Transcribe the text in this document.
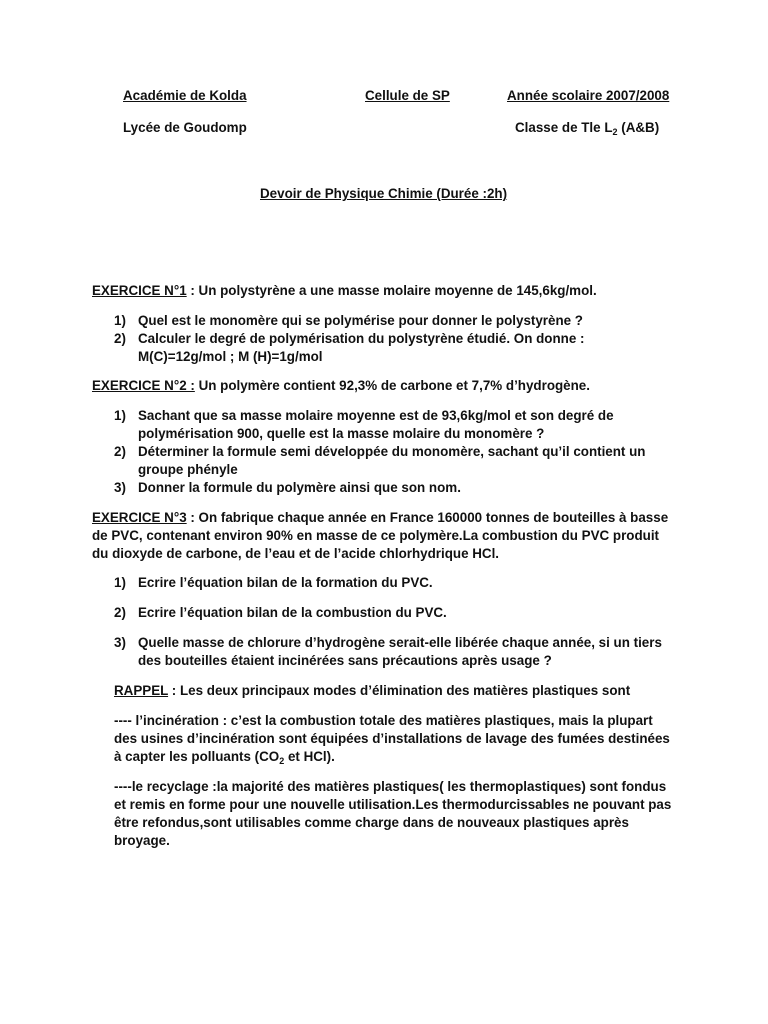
Académie de Kolda	Cellule de SP	Année scolaire 2007/2008
Lycée de Goudomp	Classe de Tle $L_2$ (A&B)
Devoir de Physique Chimie (Durée :2h)
EXERCICE N°1 : Un polystyrène a une masse molaire moyenne de 145,6kg/mol.
1) Quel est le monomère qui se polymérise pour donner le polystyrène ?
2) Calculer le degré de polymérisation du polystyrène étudié. On donne :
M(C)=12g/mol ; M (H)=1g/mol
EXERCICE N°2 : Un polymère contient 92,3% de carbone et 7,7% d’hydrogène.
1) Sachant que sa masse molaire moyenne est de 93,6kg/mol et son degré de
polymérisation 900, quelle est la masse molaire du monomère ?
2) Déterminer la formule semi développée du monomère, sachant qu’il contient un
groupe phényle
3) Donner la formule du polymère ainsi que son nom.
EXERCICE N°3 : On fabrique chaque année en France 160000 tonnes de bouteilles à basse
de PVC, contenant environ 90% en masse de ce polymère.La combustion du PVC produit
du dioxyde de carbone, de l’eau et de l’acide chlorhydrique HCl.
1) Ecrire l’équation bilan de la formation du PVC.
2) Ecrire l’équation bilan de la combustion du PVC.
3) Quelle masse de chlorure d’hydrogène serait-elle libérée chaque année, si un tiers
des bouteilles étaient incinérées sans précautions après usage ?
RAPPEL : Les deux principaux modes d’élimination des matières plastiques sont
---- l’incinération : c’est la combustion totale des matières plastiques, mais la plupart
des usines d’incinération sont équipées d’installations de lavage des fumées destinées
à capter les polluants ($CO_2$ et HCl).
----le recyclage :la majorité des matières plastiques( les thermoplastiques) sont fondus
et remis en forme pour une nouvelle utilisation.Les thermodurcissables ne pouvant pas
être refondus,sont utilisables comme charge dans de nouveaux plastiques après
broyage.
